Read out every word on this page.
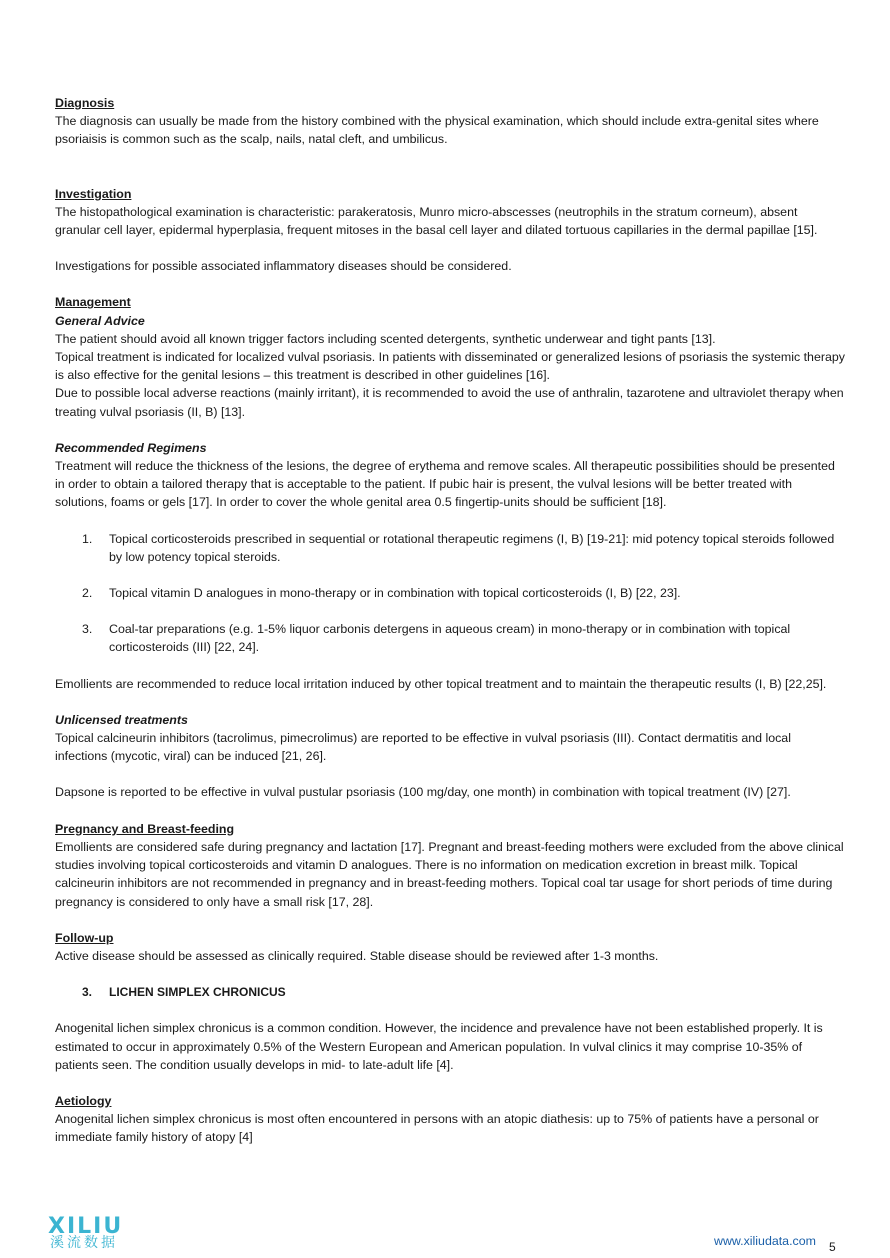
Diagnosis

The diagnosis can usually be made from the history combined with the physical examination, which should include extra-genital sites where psoriaisis is common such as the scalp, nails, natal cleft, and umbilicus.

Investigation

The histopathological examination is characteristic: parakeratosis, Munro micro-abscesses (neutrophils in the stratum corneum), absent granular cell layer, epidermal hyperplasia, frequent mitoses in the basal cell layer and dilated tortuous capillaries in the dermal papillae [15].

Investigations for possible associated inflammatory diseases should be considered.

Management

General Advice

The patient should avoid all known trigger factors including scented detergents, synthetic underwear and tight pants [13].

Topical treatment is indicated for localized vulval psoriasis. In patients with disseminated or generalized lesions of psoriasis the systemic therapy is also effective for the genital lesions – this treatment is described in other guidelines [16].

Due to possible local adverse reactions (mainly irritant), it is recommended to avoid the use of anthralin, tazarotene and ultraviolet therapy when treating vulval psoriasis (II, B) [13].

Recommended Regimens

Treatment will reduce the thickness of the lesions, the degree of erythema and remove scales. All therapeutic possibilities should be presented in order to obtain a tailored therapy that is acceptable to the patient. If pubic hair is present, the vulval lesions will be better treated with solutions, foams or gels [17]. In order to cover the whole genital area 0.5 fingertip-units should be sufficient [18].

1.	Topical corticosteroids prescribed in sequential or rotational therapeutic regimens (I, B) [19-21]: mid potency topical steroids followed by low potency topical steroids.
2.	Topical vitamin D analogues in mono-therapy or in combination with topical corticosteroids (I, B) [22, 23].
3.	Coal-tar preparations (e.g. 1-5% liquor carbonis detergens in aqueous cream) in mono-therapy or in combination with topical corticosteroids (III) [22, 24].

Emollients are recommended to reduce local irritation induced by other topical treatment and to maintain the therapeutic results (I, B) [22,25].

Unlicensed treatments

Topical calcineurin inhibitors (tacrolimus, pimecrolimus) are reported to be effective in vulval psoriasis (III). Contact dermatitis and local infections (mycotic, viral) can be induced [21, 26].

Dapsone is reported to be effective in vulval pustular psoriasis (100 mg/day, one month) in combination with topical treatment (IV) [27].

Pregnancy and Breast-feeding

Emollients are considered safe during pregnancy and lactation [17]. Pregnant and breast-feeding mothers were excluded from the above clinical studies involving topical corticosteroids and vitamin D analogues. There is no information on medication excretion in breast milk. Topical calcineurin inhibitors are not recommended in pregnancy and in breast-feeding mothers. Topical coal tar usage for short periods of time during pregnancy is considered to only have a small risk [17, 28].

Follow-up

Active disease should be assessed as clinically required. Stable disease should be reviewed after 1-3 months.

3.	LICHEN SIMPLEX CHRONICUS

Anogenital lichen simplex chronicus is a common condition. However, the incidence and prevalence have not been established properly. It is estimated to occur in approximately 0.5% of the Western European and American population. In vulval clinics it may comprise 10-35% of patients seen. The condition usually develops in mid- to late-adult life [4].

Aetiology

Anogenital lichen simplex chronicus is most often encountered in persons with an atopic diathesis: up to 75% of patients have a personal or immediate family history of atopy [4]

XILIU
溪流数据	www.xiliudata.com 5
